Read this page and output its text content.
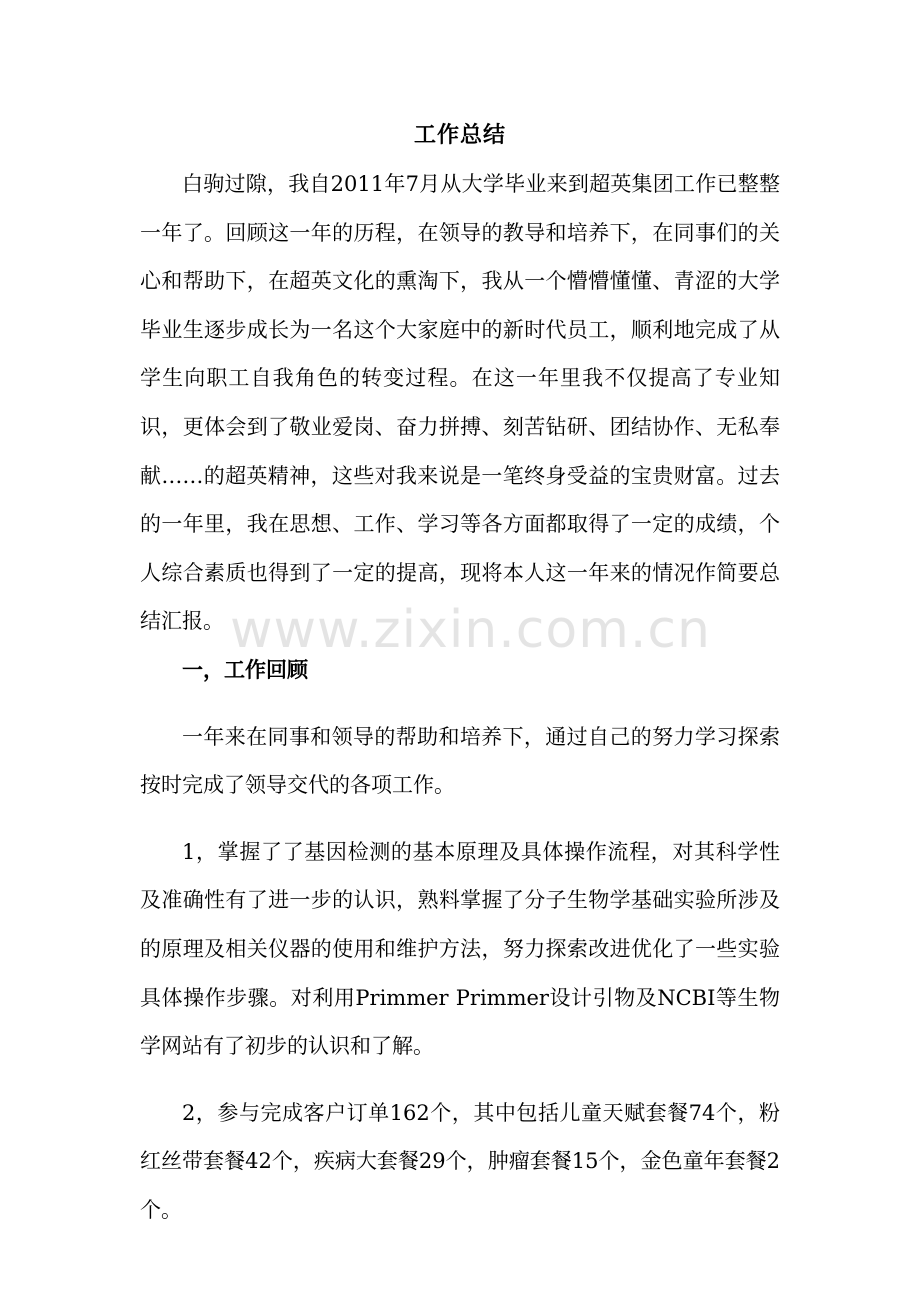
工作总结

白驹过隙，我自2011年7月从大学毕业来到超英集团工作已整整一年了。回顾这一年的历程，在领导的教导和培养下，在同事们的关心和帮助下，在超英文化的熏淘下，我从一个懵懵懂懂、青涩的大学毕业生逐步成长为一名这个大家庭中的新时代员工，顺利地完成了从学生向职工自我角色的转变过程。在这一年里我不仅提高了专业知识，更体会到了敬业爱岗、奋力拼搏、刻苦钻研、团结协作、无私奉献……的超英精神，这些对我来说是一笔终身受益的宝贵财富。过去的一年里，我在思想、工作、学习等各方面都取得了一定的成绩，个人综合素质也得到了一定的提高，现将本人这一年来的情况作简要总结汇报。

一，工作回顾

一年来在同事和领导的帮助和培养下，通过自己的努力学习探索按时完成了领导交代的各项工作。

1，掌握了了基因检测的基本原理及具体操作流程，对其科学性及准确性有了进一步的认识，熟料掌握了分子生物学基础实验所涉及的原理及相关仪器的使用和维护方法，努力探索改进优化了一些实验具体操作步骤。对利用Primmer Primmer设计引物及NCBI等生物学网站有了初步的认识和了解。

2，参与完成客户订单162个，其中包括儿童天赋套餐74个，粉红丝带套餐42个，疾病大套餐29个，肿瘤套餐15个，金色童年套餐2个。

www.zixin.com.cn
